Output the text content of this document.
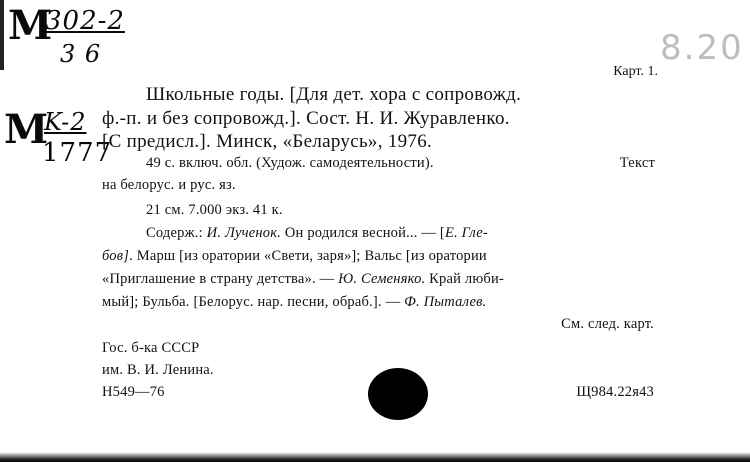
M
302-2
3 6
M
K-2
1777
8.20
Карт. 1.
Школьные годы. [Для дет. хора с сопровожд.
ф.-п. и без сопровожд.]. Сост. Н. И. Журавленко.
[С предисл.]. Минск, «Беларусь», 1976.
49 с. включ. обл. (Худож. самодеятельности).	Текст
на белорус. и рус. яз.
21 см. 7.000 экз. 41 к.
Содерж.: И. Лученок. Он родился весной... — [Е. Гле-
бов]. Марш [из оратории «Свети, заря»]; Вальс [из оратории
«Приглашение в страну детства». — Ю. Семеняко. Край люби-
мый]; Бульба. [Белорус. нар. песни, обраб.]. — Ф. Пыталев.
См. след. карт.
Гос. б-ка СССР
им. В. И. Ленина.
Н549—76	Щ984.22я43
